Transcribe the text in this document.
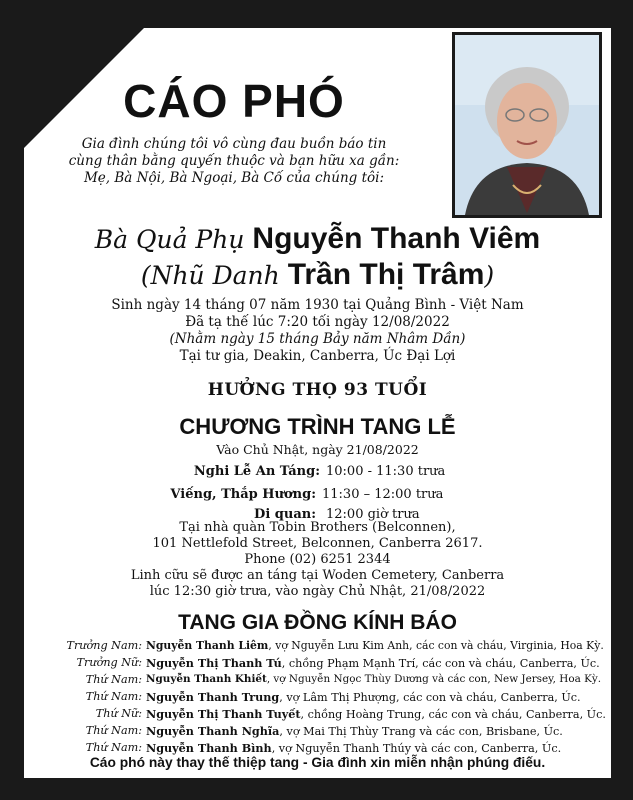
CÁO PHÓ
Gia đình chúng tôi vô cùng đau buồn báo tin
cùng thân bằng quyến thuộc và bạn hữu xa gần:
Mẹ, Bà Nội, Bà Ngoại, Bà Cố của chúng tôi:
Bà Quả Phụ Nguyễn Thanh Viêm
(Nhũ Danh Trần Thị Trâm)
Sinh ngày 14 tháng 07 năm 1930 tại Quảng Bình - Việt Nam
Đã tạ thế lúc 7:20 tối ngày 12/08/2022
(Nhằm ngày 15 tháng Bảy năm Nhâm Dần)
Tại tư gia, Deakin, Canberra, Úc Đại Lợi
HƯỞNG THỌ 93 TUỔI
CHƯƠNG TRÌNH TANG LỄ
Vào Chủ Nhật, ngày 21/08/2022
Nghi Lễ An Táng: 10:00 - 11:30 trưa
Viếng, Thắp Hương: 11:30 – 12:00 trưa
Di quan: 12:00 giờ trưa
Tại nhà quàn Tobin Brothers (Belconnen),
101 Nettlefold Street, Belconnen, Canberra 2617.
Phone (02) 6251 2344
Linh cữu sẽ được an táng tại Woden Cemetery, Canberra
lúc 12:30 giờ trưa, vào ngày Chủ Nhật, 21/08/2022
TANG GIA ĐỒNG KÍNH BÁO
Trưởng Nam: Nguyễn Thanh Liêm, vợ Nguyễn Lưu Kim Anh, các con và cháu, Virginia, Hoa Kỳ.
Trưởng Nữ: Nguyễn Thị Thanh Tú, chồng Phạm Mạnh Trí, các con và cháu, Canberra, Úc.
Thứ Nam: Nguyễn Thanh Khiết, vợ Nguyễn Ngọc Thùy Dương và các con, New Jersey, Hoa Kỳ.
Thứ Nam: Nguyễn Thanh Trung, vợ Lâm Thị Phượng, các con và cháu, Canberra, Úc.
Thứ Nữ: Nguyễn Thị Thanh Tuyết, chồng Hoàng Trung, các con và cháu, Canberra, Úc.
Thứ Nam: Nguyễn Thanh Nghĩa, vợ Mai Thị Thùy Trang và các con, Brisbane, Úc.
Thứ Nam: Nguyễn Thanh Bình, vợ Nguyễn Thanh Thúy và các con, Canberra, Úc.
Cáo phó này thay thế thiệp tang - Gia đình xin miễn nhận phúng điếu.
